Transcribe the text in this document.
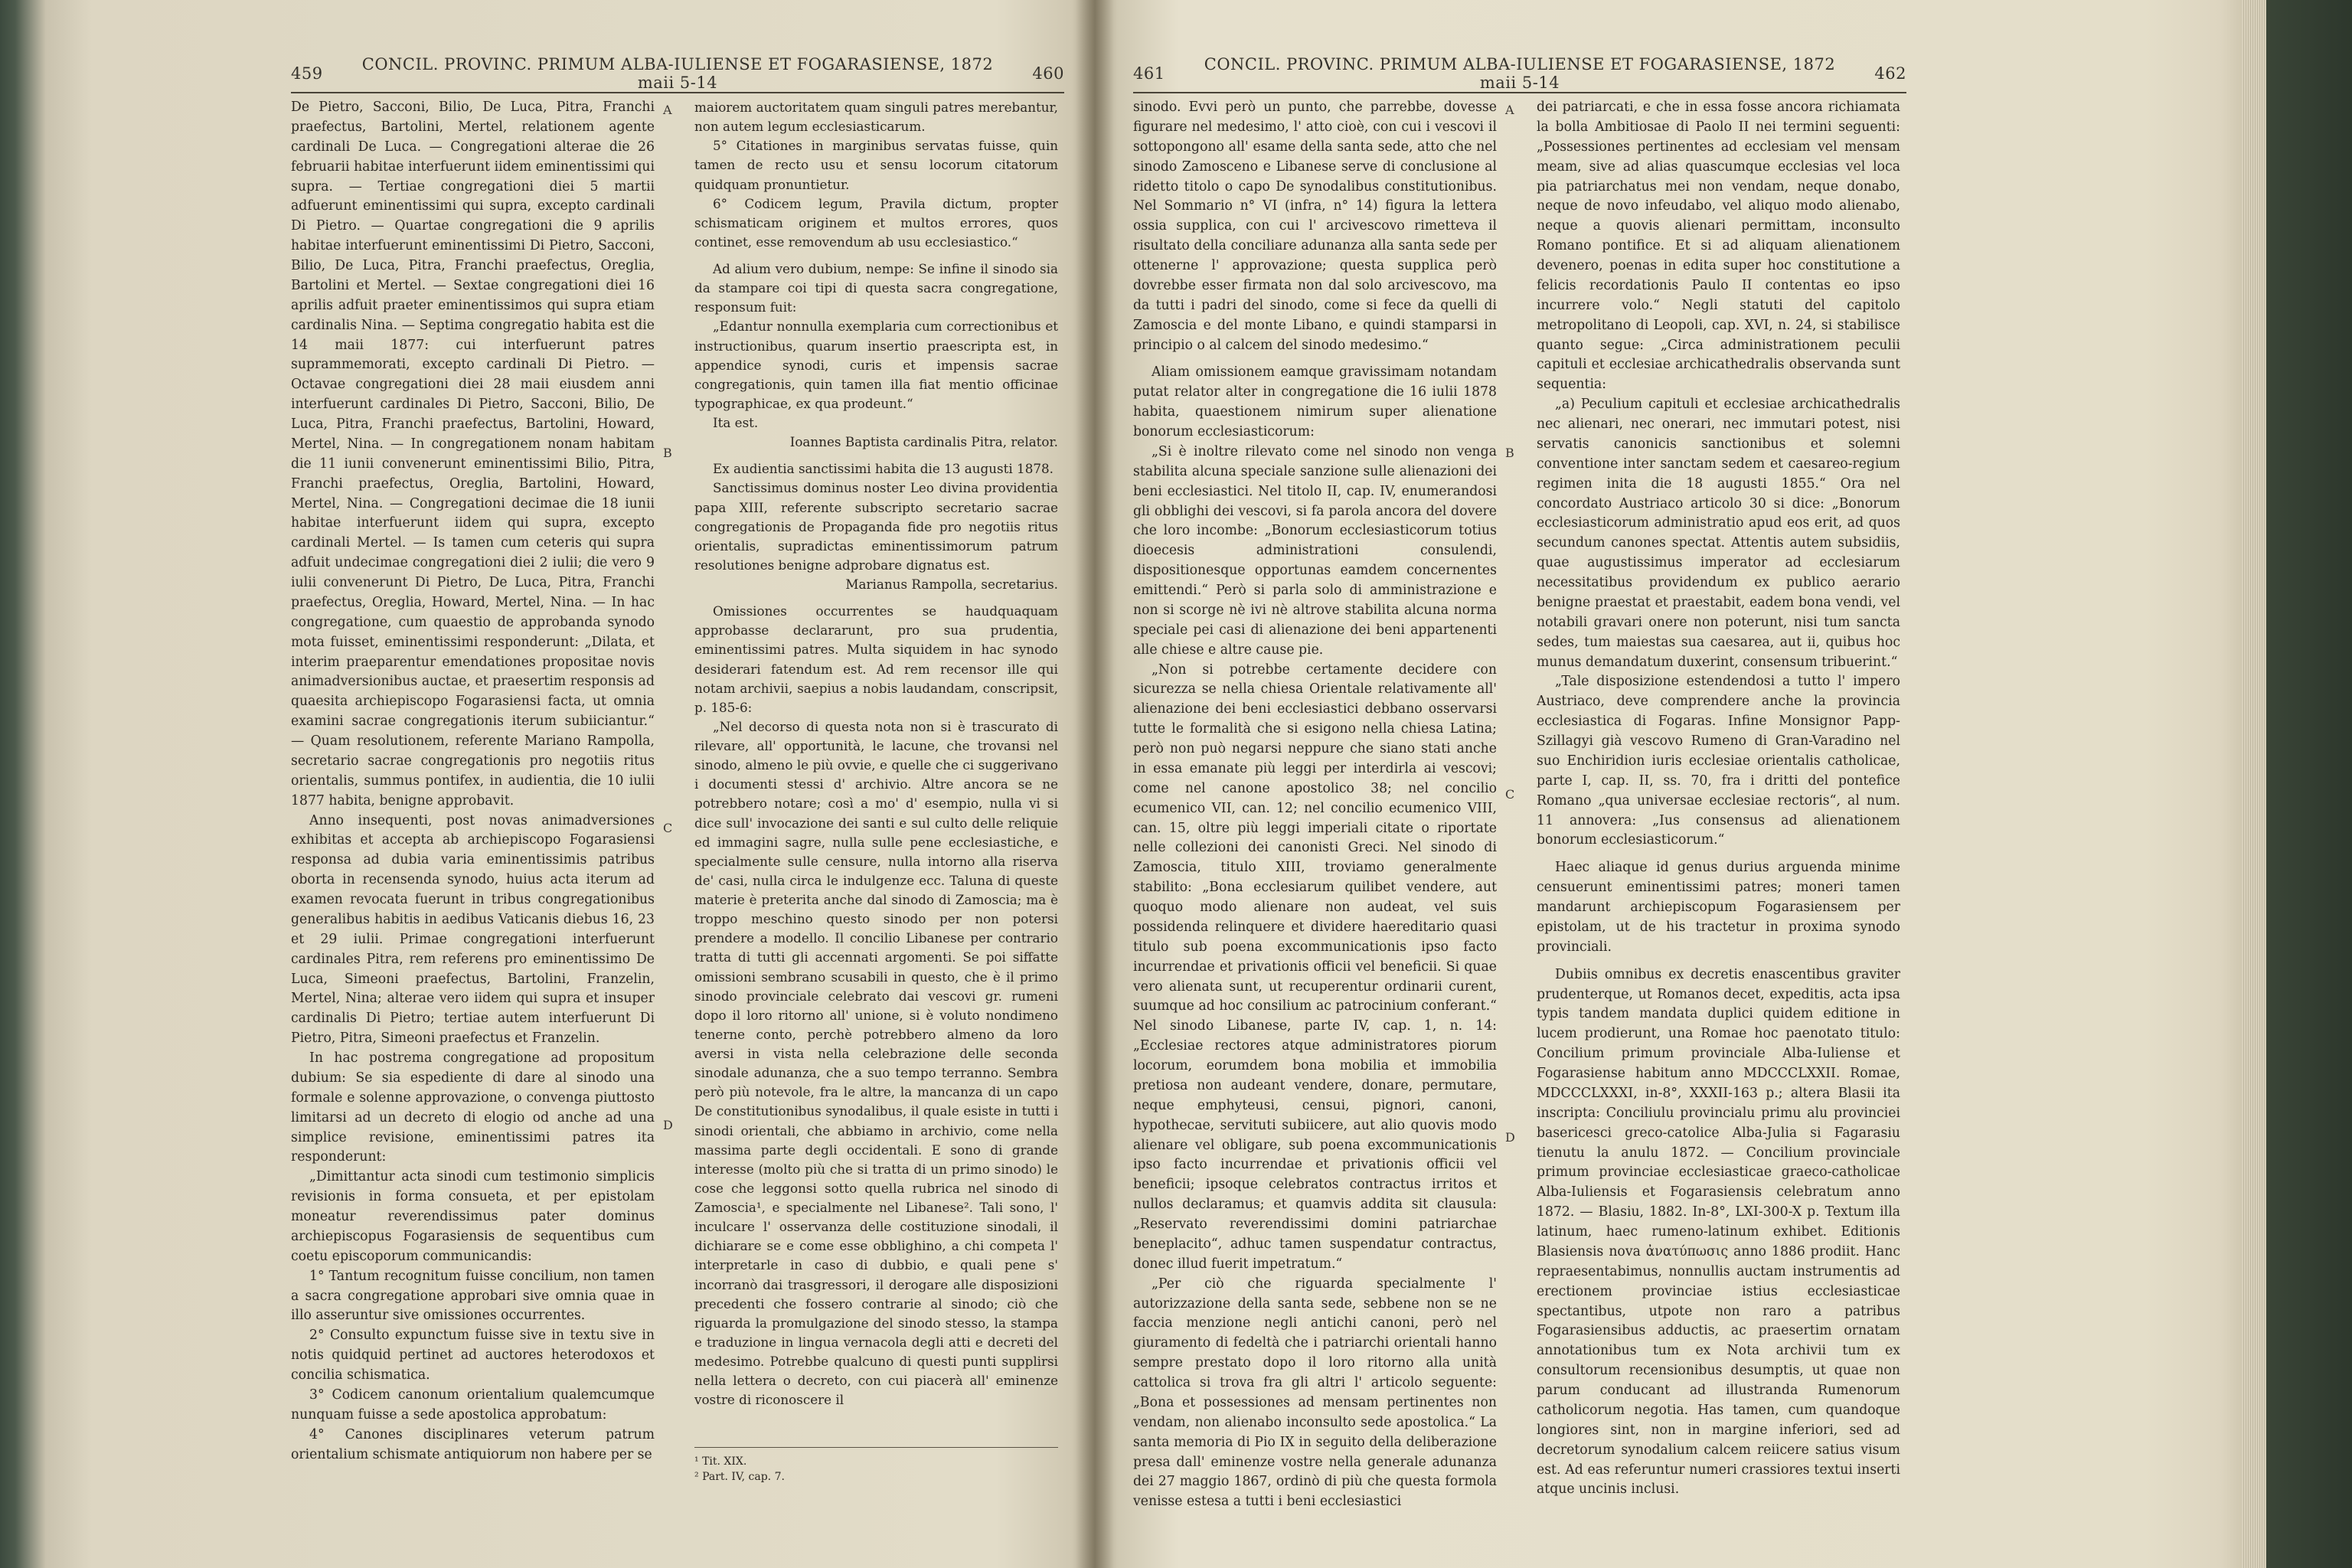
459	CONCIL. PROVINC. PRIMUM ALBA-IULIENSE ET FOGARASIENSE, 1872 maii 5-14	460

De Pietro, Sacconi, Bilio, De Luca, Pitra, Franchi praefectus, Bartolini, Mertel, relationem agente cardinali De Luca. — Congregationi alterae die 26 februarii habitae interfuerunt iidem eminentissimi qui supra. — Tertiae congregationi diei 5 martii adfuerunt eminentissimi qui supra, excepto cardinali Di Pietro. — Quartae congregationi die 9 aprilis habitae interfuerunt eminentissimi Di Pietro, Sacconi, Bilio, De Luca, Pitra, Franchi praefectus, Oreglia, Bartolini et Mertel. — Sextae congregationi diei 16 aprilis adfuit praeter eminentissimos qui supra etiam cardinalis Nina. — Septima congregatio habita est die 14 maii 1877: cui interfuerunt patres suprammemorati, excepto cardinali Di Pietro. — Octavae congregationi diei 28 maii eiusdem anni interfuerunt cardinales Di Pietro, Sacconi, Bilio, De Luca, Pitra, Franchi praefectus, Bartolini, Howard, Mertel, Nina. — In congregationem nonam habitam die 11 iunii convenerunt eminentissimi Bilio, Pitra, Franchi praefectus, Oreglia, Bartolini, Howard, Mertel, Nina. — Congregationi decimae die 18 iunii habitae interfuerunt iidem qui supra, excepto cardinali Mertel. — Is tamen cum ceteris qui supra adfuit undecimae congregationi diei 2 iulii; die vero 9 iulii convenerunt Di Pietro, De Luca, Pitra, Franchi praefectus, Oreglia, Howard, Mertel, Nina. — In hac congregatione, cum quaestio de approbanda synodo mota fuisset, eminentissimi responderunt: „Dilata, et interim praeparentur emendationes propositae novis animadversionibus auctae, et praesertim responsis ad quaesita archiepiscopo Fogarasiensi facta, ut omnia examini sacrae congregationis iterum subiiciantur.“ — Quam resolutionem, referente Mariano Rampolla, secretario sacrae congregationis pro negotiis ritus orientalis, summus pontifex, in audientia, die 10 iulii 1877 habita, benigne approbavit.

Anno insequenti, post novas animadversiones exhibitas et accepta ab archiepiscopo Fogarasiensi responsa ad dubia varia eminentissimis patribus oborta in recensenda synodo, huius acta iterum ad examen revocata fuerunt in tribus congregationibus generalibus habitis in aedibus Vaticanis diebus 16, 23 et 29 iulii. Primae congregationi interfuerunt cardinales Pitra, rem referens pro eminentissimo De Luca, Simeoni praefectus, Bartolini, Franzelin, Mertel, Nina; alterae vero iidem qui supra et insuper cardinalis Di Pietro; tertiae autem interfuerunt Di Pietro, Pitra, Simeoni praefectus et Franzelin.

In hac postrema congregatione ad propositum dubium: Se sia espediente di dare al sinodo una formale e solenne approvazione, o convenga piuttosto limitarsi ad un decreto di elogio od anche ad una simplice revisione, eminentissimi patres ita responderunt:

„Dimittantur acta sinodi cum testimonio simplicis revisionis in forma consueta, et per epistolam moneatur reverendissimus pater dominus archiepiscopus Fogarasiensis de sequentibus cum coetu episcoporum communicandis:

1° Tantum recognitum fuisse concilium, non tamen a sacra congregatione approbari sive omnia quae in illo asseruntur sive omissiones occurrentes.

2° Consulto expunctum fuisse sive in textu sive in notis quidquid pertinet ad auctores heterodoxos et concilia schismatica.

3° Codicem canonum orientalium qualemcumque nunquam fuisse a sede apostolica approbatum:

4° Canones disciplinares veterum patrum orientalium schismate antiquiorum non habere per se

maiorem auctoritatem quam singuli patres merebantur, non autem legum ecclesiasticarum.

5° Citationes in marginibus servatas fuisse, quin tamen de recto usu et sensu locorum citatorum quidquam pronuntietur.

6° Codicem legum, Pravila dictum, propter schismaticam originem et multos errores, quos continet, esse removendum ab usu ecclesiastico.“

Ad alium vero dubium, nempe: Se infine il sinodo sia da stampare coi tipi di questa sacra congregatione, responsum fuit:

„Edantur nonnulla exemplaria cum correctionibus et instructionibus, quarum insertio praescripta est, in appendice synodi, curis et impensis sacrae congregationis, quin tamen illa fiat mentio officinae typographicae, ex qua prodeunt.“

Ita est.

Ioannes Baptista cardinalis Pitra, relator.

Ex audientia sanctissimi habita die 13 augusti 1878.

Sanctissimus dominus noster Leo divina providentia papa XIII, referente subscripto secretario sacrae congregationis de Propaganda fide pro negotiis ritus orientalis, supradictas eminentissimorum patrum resolutiones benigne adprobare dignatus est.

Marianus Rampolla, secretarius.

Omissiones occurrentes se haudquaquam approbasse declararunt, pro sua prudentia, eminentissimi patres. Multa siquidem in hac synodo desiderari fatendum est. Ad rem recensor ille qui notam archivii, saepius a nobis laudandam, conscripsit, p. 185-6:

„Nel decorso di questa nota non si è trascurato di rilevare, all' opportunità, le lacune, che trovansi nel sinodo, almeno le più ovvie, e quelle che ci suggerivano i documenti stessi d' archivio. Altre ancora se ne potrebbero notare; così a mo' d' esempio, nulla vi si dice sull' invocazione dei santi e sul culto delle reliquie ed immagini sagre, nulla sulle pene ecclesiastiche, e specialmente sulle censure, nulla intorno alla riserva de' casi, nulla circa le indulgenze ecc. Taluna di queste materie è preterita anche dal sinodo di Zamoscia; ma è troppo meschino questo sinodo per non potersi prendere a modello. Il concilio Libanese per contrario tratta di tutti gli accennati argomenti. Se poi siffatte omissioni sembrano scusabili in questo, che è il primo sinodo provinciale celebrato dai vescovi gr. rumeni dopo il loro ritorno all' unione, si è voluto nondimeno tenerne conto, perchè potrebbero almeno da loro aversi in vista nella celebrazione delle seconda sinodale adunanza, che a suo tempo terranno. Sembra però più notevole, fra le altre, la mancanza di un capo De constitutionibus synodalibus, il quale esiste in tutti i sinodi orientali, che abbiamo in archivio, come nella massima parte degli occidentali. E sono di grande interesse (molto più che si tratta di un primo sinodo) le cose che leggonsi sotto quella rubrica nel sinodo di Zamoscia¹, e specialmente nel Libanese². Tali sono, l' inculcare l' osservanza delle costituzione sinodali, il dichiarare se e come esse obblighino, a chi competa l' interpretarle in caso di dubbio, e quali pene s' incorranò dai trasgressori, il derogare alle disposizioni precedenti che fossero contrarie al sinodo; ciò che riguarda la promulgazione del sinodo stesso, la stampa e traduzione in lingua vernacola degli atti e decreti del medesimo. Potrebbe qualcuno di questi punti supplirsi nella lettera o decreto, con cui piacerà all' eminenze vostre di riconoscere il

¹ Tit. XIX.
² Part. IV, cap. 7.
A
B
C
D
461	CONCIL. PROVINC. PRIMUM ALBA-IULIENSE ET FOGARASIENSE, 1872 maii 5-14	462

sinodo. Evvi però un punto, che parrebbe, dovesse figurare nel medesimo, l' atto cioè, con cui i vescovi il sottopongono all' esame della santa sede, atto che nel sinodo Zamosceno e Libanese serve di conclusione al ridetto titolo o capo De synodalibus constitutionibus. Nel Sommario n° VI (infra, n° 14) figura la lettera ossia supplica, con cui l' arcivescovo rimetteva il risultato della conciliare adunanza alla santa sede per ottenerne l' approvazione; questa supplica però dovrebbe esser firmata non dal solo arcivescovo, ma da tutti i padri del sinodo, come si fece da quelli di Zamoscia e del monte Libano, e quindi stamparsi in principio o al calcem del sinodo medesimo.“

Aliam omissionem eamque gravissimam notandam putat relator alter in congregatione die 16 iulii 1878 habita, quaestionem nimirum super alienatione bonorum ecclesiasticorum:

„Si è inoltre rilevato come nel sinodo non venga stabilita alcuna speciale sanzione sulle alienazioni dei beni ecclesiastici. Nel titolo II, cap. IV, enumerandosi gli obblighi dei vescovi, si fa parola ancora del dovere che loro incombe: „Bonorum ecclesiasticorum totius dioecesis administrationi consulendi, dispositionesque opportunas eamdem concernentes emittendi.“ Però si parla solo di amministrazione e non si scorge nè ivi nè altrove stabilita alcuna norma speciale pei casi di alienazione dei beni appartenenti alle chiese e altre cause pie.

„Non si potrebbe certamente decidere con sicurezza se nella chiesa Orientale relativamente all' alienazione dei beni ecclesiastici debbano osservarsi tutte le formalità che si esigono nella chiesa Latina; però non può negarsi neppure che siano stati anche in essa emanate più leggi per interdirla ai vescovi; come nel canone apostolico 38; nel concilio ecumenico VII, can. 12; nel concilio ecumenico VIII, can. 15, oltre più leggi imperiali citate o riportate nelle collezioni dei canonisti Greci. Nel sinodo di Zamoscia, titulo XIII, troviamo generalmente stabilito: „Bona ecclesiarum quilibet vendere, aut quoquo modo alienare non audeat, vel suis possidenda relinquere et dividere haereditario quasi titulo sub poena excommunicationis ipso facto incurrendae et privationis officii vel beneficii. Si quae vero alienata sunt, ut recuperentur ordinarii curent, suumque ad hoc consilium ac patrocinium conferant.“ Nel sinodo Libanese, parte IV, cap. 1, n. 14: „Ecclesiae rectores atque administratores piorum locorum, eorumdem bona mobilia et immobilia pretiosa non audeant vendere, donare, permutare, neque emphyteusi, censui, pignori, canoni, hypothecae, servituti subiicere, aut alio quovis modo alienare vel obligare, sub poena excommunicationis ipso facto incurrendae et privationis officii vel beneficii; ipsoque celebratos contractus irritos et nullos declaramus; et quamvis addita sit clausula: „Reservato reverendissimi domini patriarchae beneplacito“, adhuc tamen suspendatur contractus, donec illud fuerit impetratum.“

„Per ciò che riguarda specialmente l' autorizzazione della santa sede, sebbene non se ne faccia menzione negli antichi canoni, però nel giuramento di fedeltà che i patriarchi orientali hanno sempre prestato dopo il loro ritorno alla unità cattolica si trova fra gli altri l' articolo seguente: „Bona et possessiones ad mensam pertinentes non vendam, non alienabo inconsulto sede apostolica.“ La santa memoria di Pio IX in seguito della deliberazione presa dall' eminenze vostre nella generale adunanza dei 27 maggio 1867, ordinò di più che questa formola venisse estesa a tutti i beni ecclesiastici

dei patriarcati, e che in essa fosse ancora richiamata la bolla Ambitiosae di Paolo II nei termini seguenti: „Possessiones pertinentes ad ecclesiam vel mensam meam, sive ad alias quascumque ecclesias vel loca pia patriarchatus mei non vendam, neque donabo, neque de novo infeudabo, vel aliquo modo alienabo, neque a quovis alienari permittam, inconsulto Romano pontifice. Et si ad aliquam alienationem devenero, poenas in edita super hoc constitutione a felicis recordationis Paulo II contentas eo ipso incurrere volo.“ Negli statuti del capitolo metropolitano di Leopoli, cap. XVI, n. 24, si stabilisce quanto segue: „Circa administrationem peculii capituli et ecclesiae archicathedralis observanda sunt sequentia:

„a) Peculium capituli et ecclesiae archicathedralis nec alienari, nec onerari, nec immutari potest, nisi servatis canonicis sanctionibus et solemni conventione inter sanctam sedem et caesareo-regium regimen inita die 18 augusti 1855.“ Ora nel concordato Austriaco articolo 30 si dice: „Bonorum ecclesiasticorum administratio apud eos erit, ad quos secundum canones spectat. Attentis autem subsidiis, quae augustissimus imperator ad ecclesiarum necessitatibus providendum ex publico aerario benigne praestat et praestabit, eadem bona vendi, vel notabili gravari onere non poterunt, nisi tum sancta sedes, tum maiestas sua caesarea, aut ii, quibus hoc munus demandatum duxerint, consensum tribuerint.“

„Tale disposizione estendendosi a tutto l' impero Austriaco, deve comprendere anche la provincia ecclesiastica di Fogaras. Infine Monsignor Papp-Szillagyi già vescovo Rumeno di Gran-Varadino nel suo Enchiridion iuris ecclesiae orientalis catholicae, parte I, cap. II, ss. 70, fra i dritti del pontefice Romano „qua universae ecclesiae rectoris“, al num. 11 annovera: „Ius consensus ad alienationem bonorum ecclesiasticorum.“

Haec aliaque id genus durius arguenda minime censuerunt eminentissimi patres; moneri tamen mandarunt archiepiscopum Fogarasiensem per epistolam, ut de his tractetur in proxima synodo provinciali.

Dubiis omnibus ex decretis enascentibus graviter prudenterque, ut Romanos decet, expeditis, acta ipsa typis tandem mandata duplici quidem editione in lucem prodierunt, una Romae hoc paenotato titulo: Concilium primum provinciale Alba-Iuliense et Fogarasiense habitum anno MDCCCLXXII. Romae, MDCCCLXXXI, in-8°, XXXII-163 p.; altera Blasii ita inscripta: Conciliulu provincialu primu alu provinciei basericesci greco-catolice Alba-Julia si Fagarasiu tienutu la anulu 1872. — Concilium provinciale primum provinciae ecclesiasticae graeco-catholicae Alba-Iuliensis et Fogarasiensis celebratum anno 1872. — Blasiu, 1882. In-8°, LXI-300-X p. Textum illa latinum, haec rumeno-latinum exhibet. Editionis Blasiensis nova ἀνατύπωσις anno 1886 prodiit. Hanc repraesentabimus, nonnullis auctam instrumentis ad erectionem provinciae istius ecclesiasticae spectantibus, utpote non raro a patribus Fogarasiensibus adductis, ac praesertim ornatam annotationibus tum ex Nota archivii tum ex consultorum recensionibus desumptis, ut quae non parum conducant ad illustranda Rumenorum catholicorum negotia. Has tamen, cum quandoque longiores sint, non in margine inferiori, sed ad decretorum synodalium calcem reiicere satius visum est. Ad eas referuntur numeri crassiores textui inserti atque uncinis inclusi.

A
B
C
D
